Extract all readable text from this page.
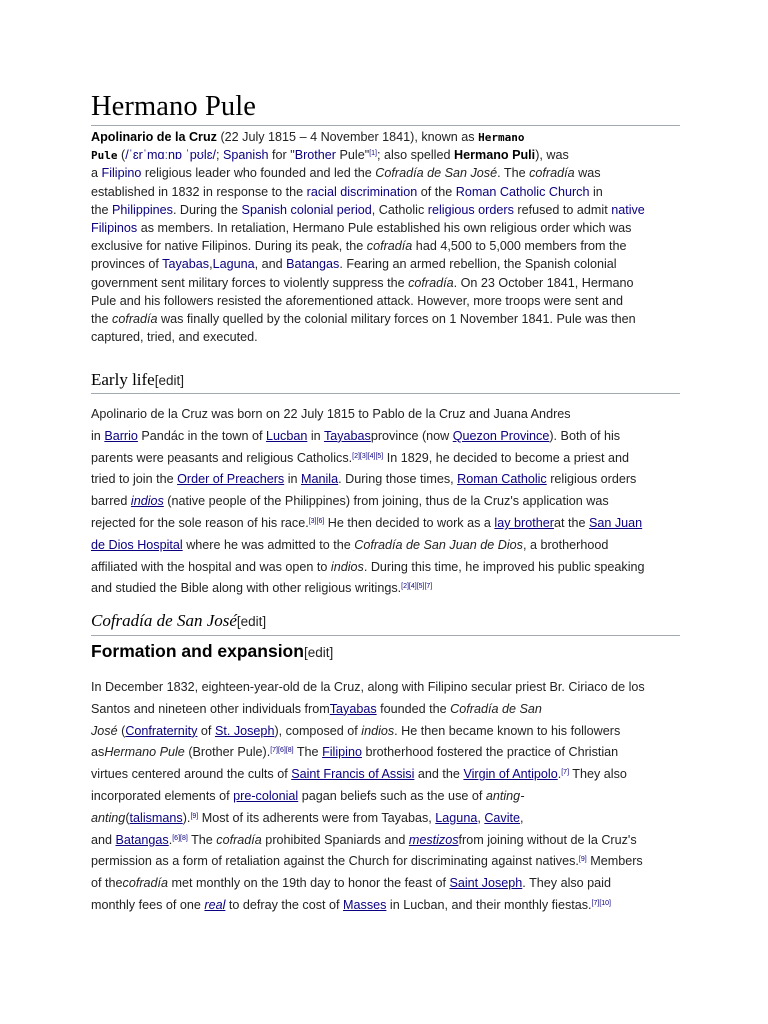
Hermano Pule
Apolinario de la Cruz (22 July 1815 – 4 November 1841), known as Hermano
Pule (/ˈɛrˈmɑːnɒ ˈpʊlɛ/; Spanish for "Brother Pule"[1]; also spelled Hermano Puli), was
a Filipino religious leader who founded and led the Cofradía de San José. The cofradía was
established in 1832 in response to the racial discrimination of the Roman Catholic Church in
the Philippines. During the Spanish colonial period, Catholic religious orders refused to admit native
Filipinos as members. In retaliation, Hermano Pule established his own religious order which was
exclusive for native Filipinos. During its peak, the cofradía had 4,500 to 5,000 members from the
provinces of Tayabas,Laguna, and Batangas. Fearing an armed rebellion, the Spanish colonial
government sent military forces to violently suppress the cofradía. On 23 October 1841, Hermano
Pule and his followers resisted the aforementioned attack. However, more troops were sent and
the cofradía was finally quelled by the colonial military forces on 1 November 1841. Pule was then
captured, tried, and executed.
Early life[edit]
Apolinario de la Cruz was born on 22 July 1815 to Pablo de la Cruz and Juana Andres
in Barrio Pandác in the town of Lucban in Tayabasprovince (now Quezon Province). Both of his
parents were peasants and religious Catholics.[2][3][4][5] In 1829, he decided to become a priest and
tried to join the Order of Preachers in Manila. During those times, Roman Catholic religious orders
barred indios (native people of the Philippines) from joining, thus de la Cruz's application was
rejected for the sole reason of his race.[3][6] He then decided to work as a lay brotherat the San Juan
de Dios Hospital where he was admitted to the Cofradía de San Juan de Dios, a brotherhood
affiliated with the hospital and was open to indios. During this time, he improved his public speaking
and studied the Bible along with other religious writings.[2][4][5][7]
Cofradía de San José[edit]
Formation and expansion[edit]
In December 1832, eighteen-year-old de la Cruz, along with Filipino secular priest Br. Ciriaco de los
Santos and nineteen other individuals fromTayabas founded the Cofradía de San
José (Confraternity of St. Joseph), composed of indios. He then became known to his followers
asHermano Pule (Brother Pule).[7][6][8] The Filipino brotherhood fostered the practice of Christian
virtues centered around the cults of Saint Francis of Assisi and the Virgin of Antipolo.[7] They also
incorporated elements of pre-colonial pagan beliefs such as the use of anting-
anting(talismans).[9] Most of its adherents were from Tayabas, Laguna, Cavite,
and Batangas.[6][8] The cofradía prohibited Spaniards and mestizosfrom joining without de la Cruz's
permission as a form of retaliation against the Church for discriminating against natives.[9] Members
of thecofradía met monthly on the 19th day to honor the feast of Saint Joseph. They also paid
monthly fees of one real to defray the cost of Masses in Lucban, and their monthly fiestas.[7][10]
